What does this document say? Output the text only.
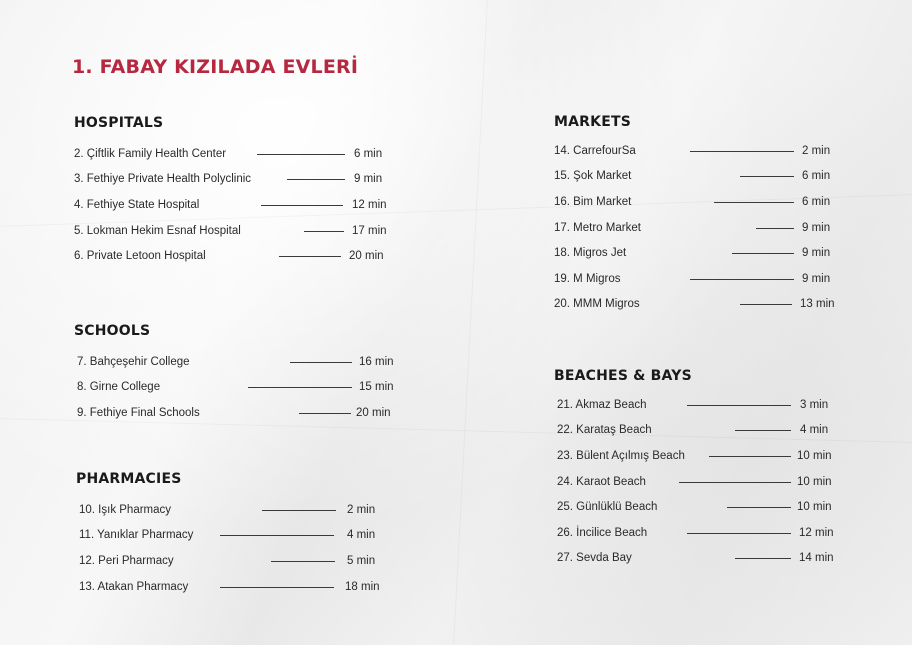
1. FABAY KIZILADA EVLERİ
HOSPITALS
2. Çiftlik Family Health Center	6 min
3. Fethiye Private Health Polyclinic	9 min
4. Fethiye State Hospital	12 min
5. Lokman Hekim Esnaf Hospital	17 min
6. Private Letoon Hospital	20 min
SCHOOLS
7. Bahçeşehir College	16 min
8. Girne College	15 min
9. Fethiye Final Schools	20 min
PHARMACIES
10. Işık Pharmacy	2 min
11. Yanıklar Pharmacy	4 min
12. Peri Pharmacy	5 min
13. Atakan Pharmacy	18 min
MARKETS
14. CarrefourSa	2 min
15. Şok Market	6 min
16. Bim Market	6 min
17. Metro Market	9 min
18. Migros Jet	9 min
19. M Migros	9 min
20. MMM Migros	13 min
BEACHES & BAYS
21. Akmaz Beach	3 min
22. Karataş Beach	4 min
23. Bülent Açılmış Beach	10 min
24. Karaot Beach	10 min
25. Günlüklü Beach	10 min
26. İncilice Beach	12 min
27. Sevda Bay	14 min
